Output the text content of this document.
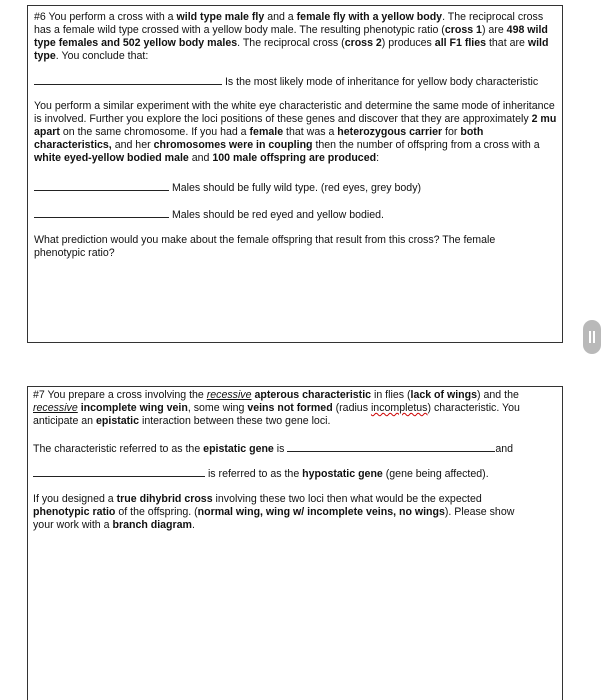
#6 You perform a cross with a wild type male fly and a female fly with a yellow body. The reciprocal cross has a female wild type crossed with a yellow body male. The resulting phenotypic ratio (cross 1) are 498 wild type females and 502 yellow body males. The reciprocal cross (cross 2) produces all F1 flies that are wild type. You conclude that:

Is the most likely mode of inheritance for yellow body characteristic

You perform a similar experiment with the white eye characteristic and determine the same mode of inheritance is involved. Further you explore the loci positions of these genes and discover that they are approximately 2 mu apart on the same chromosome. If you had a female that was a heterozygous carrier for both characteristics, and her chromosomes were in coupling then the number of offspring from a cross with a white eyed-yellow bodied male and 100 male offspring are produced:

Males should be fully wild type. (red eyes, grey body)
Males should be red eyed and yellow bodied.

What prediction would you make about the female offspring that result from this cross? The female phenotypic ratio?

#7 You prepare a cross involving the recessive apterous characteristic in flies (lack of wings) and the recessive incomplete wing vein, some wing veins not formed (radius incompletus) characteristic. You anticipate an epistatic interaction between these two gene loci.

The characteristic referred to as the epistatic gene is	and
is referred to as the hypostatic gene (gene being affected).

If you designed a true dihybrid cross involving these two loci then what would be the expected phenotypic ratio of the offspring. (normal wing, wing w/ incomplete veins, no wings). Please show your work with a branch diagram.
